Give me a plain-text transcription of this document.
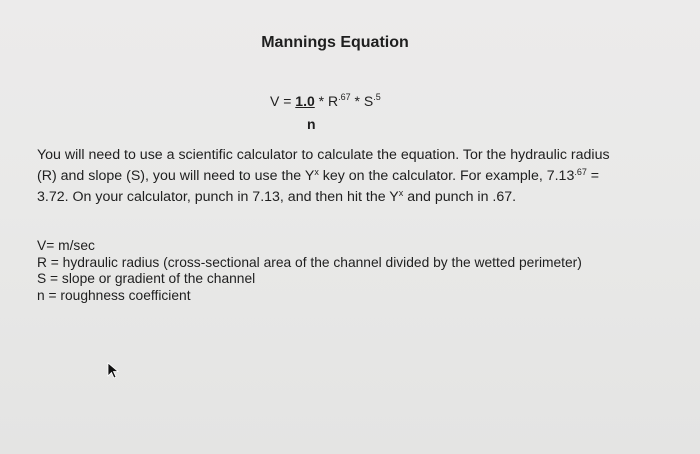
Mannings Equation
$V = 1.0 * R^{.67} * S^{.5}$
n
You will need to use a scientific calculator to calculate the equation. Tor the hydraulic radius
(R) and slope (S), you will need to use the $Y^x$ key on the calculator. For example, $7.13^{.67}$ =
3.72. On your calculator, punch in 7.13, and then hit the $Y^x$ and punch in .67.
V= m/sec
R = hydraulic radius (cross-sectional area of the channel divided by the wetted perimeter)
S = slope or gradient of the channel
n = roughness coefficient
